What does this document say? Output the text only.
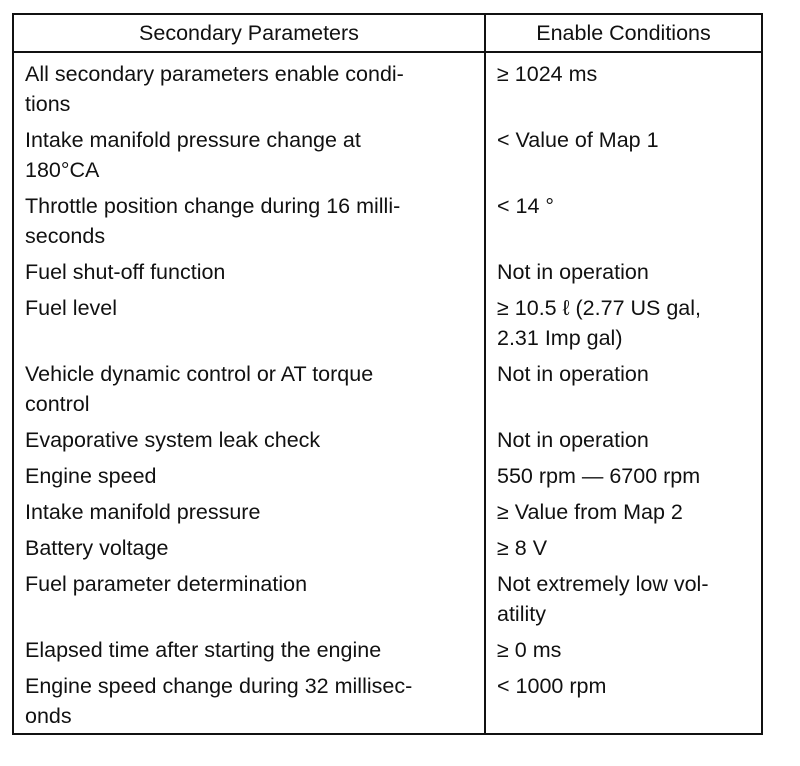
Secondary Parameters	Enable Conditions

All secondary parameters enable condi-
tions	≥ 1024 ms

Intake manifold pressure change at
180°CA	< Value of Map 1

Throttle position change during 16 milli-
seconds	< 14 °

Fuel shut-off function	Not in operation

Fuel level	≥ 10.5 ℓ (2.77 US gal,
2.31 Imp gal)

Vehicle dynamic control or AT torque
control	Not in operation

Evaporative system leak check	Not in operation

Engine speed	550 rpm — 6700 rpm

Intake manifold pressure	≥ Value from Map 2

Battery voltage	≥ 8 V

Fuel parameter determination	Not extremely low vol-
atility

Elapsed time after starting the engine	≥ 0 ms

Engine speed change during 32 millisec-
onds	< 1000 rpm
